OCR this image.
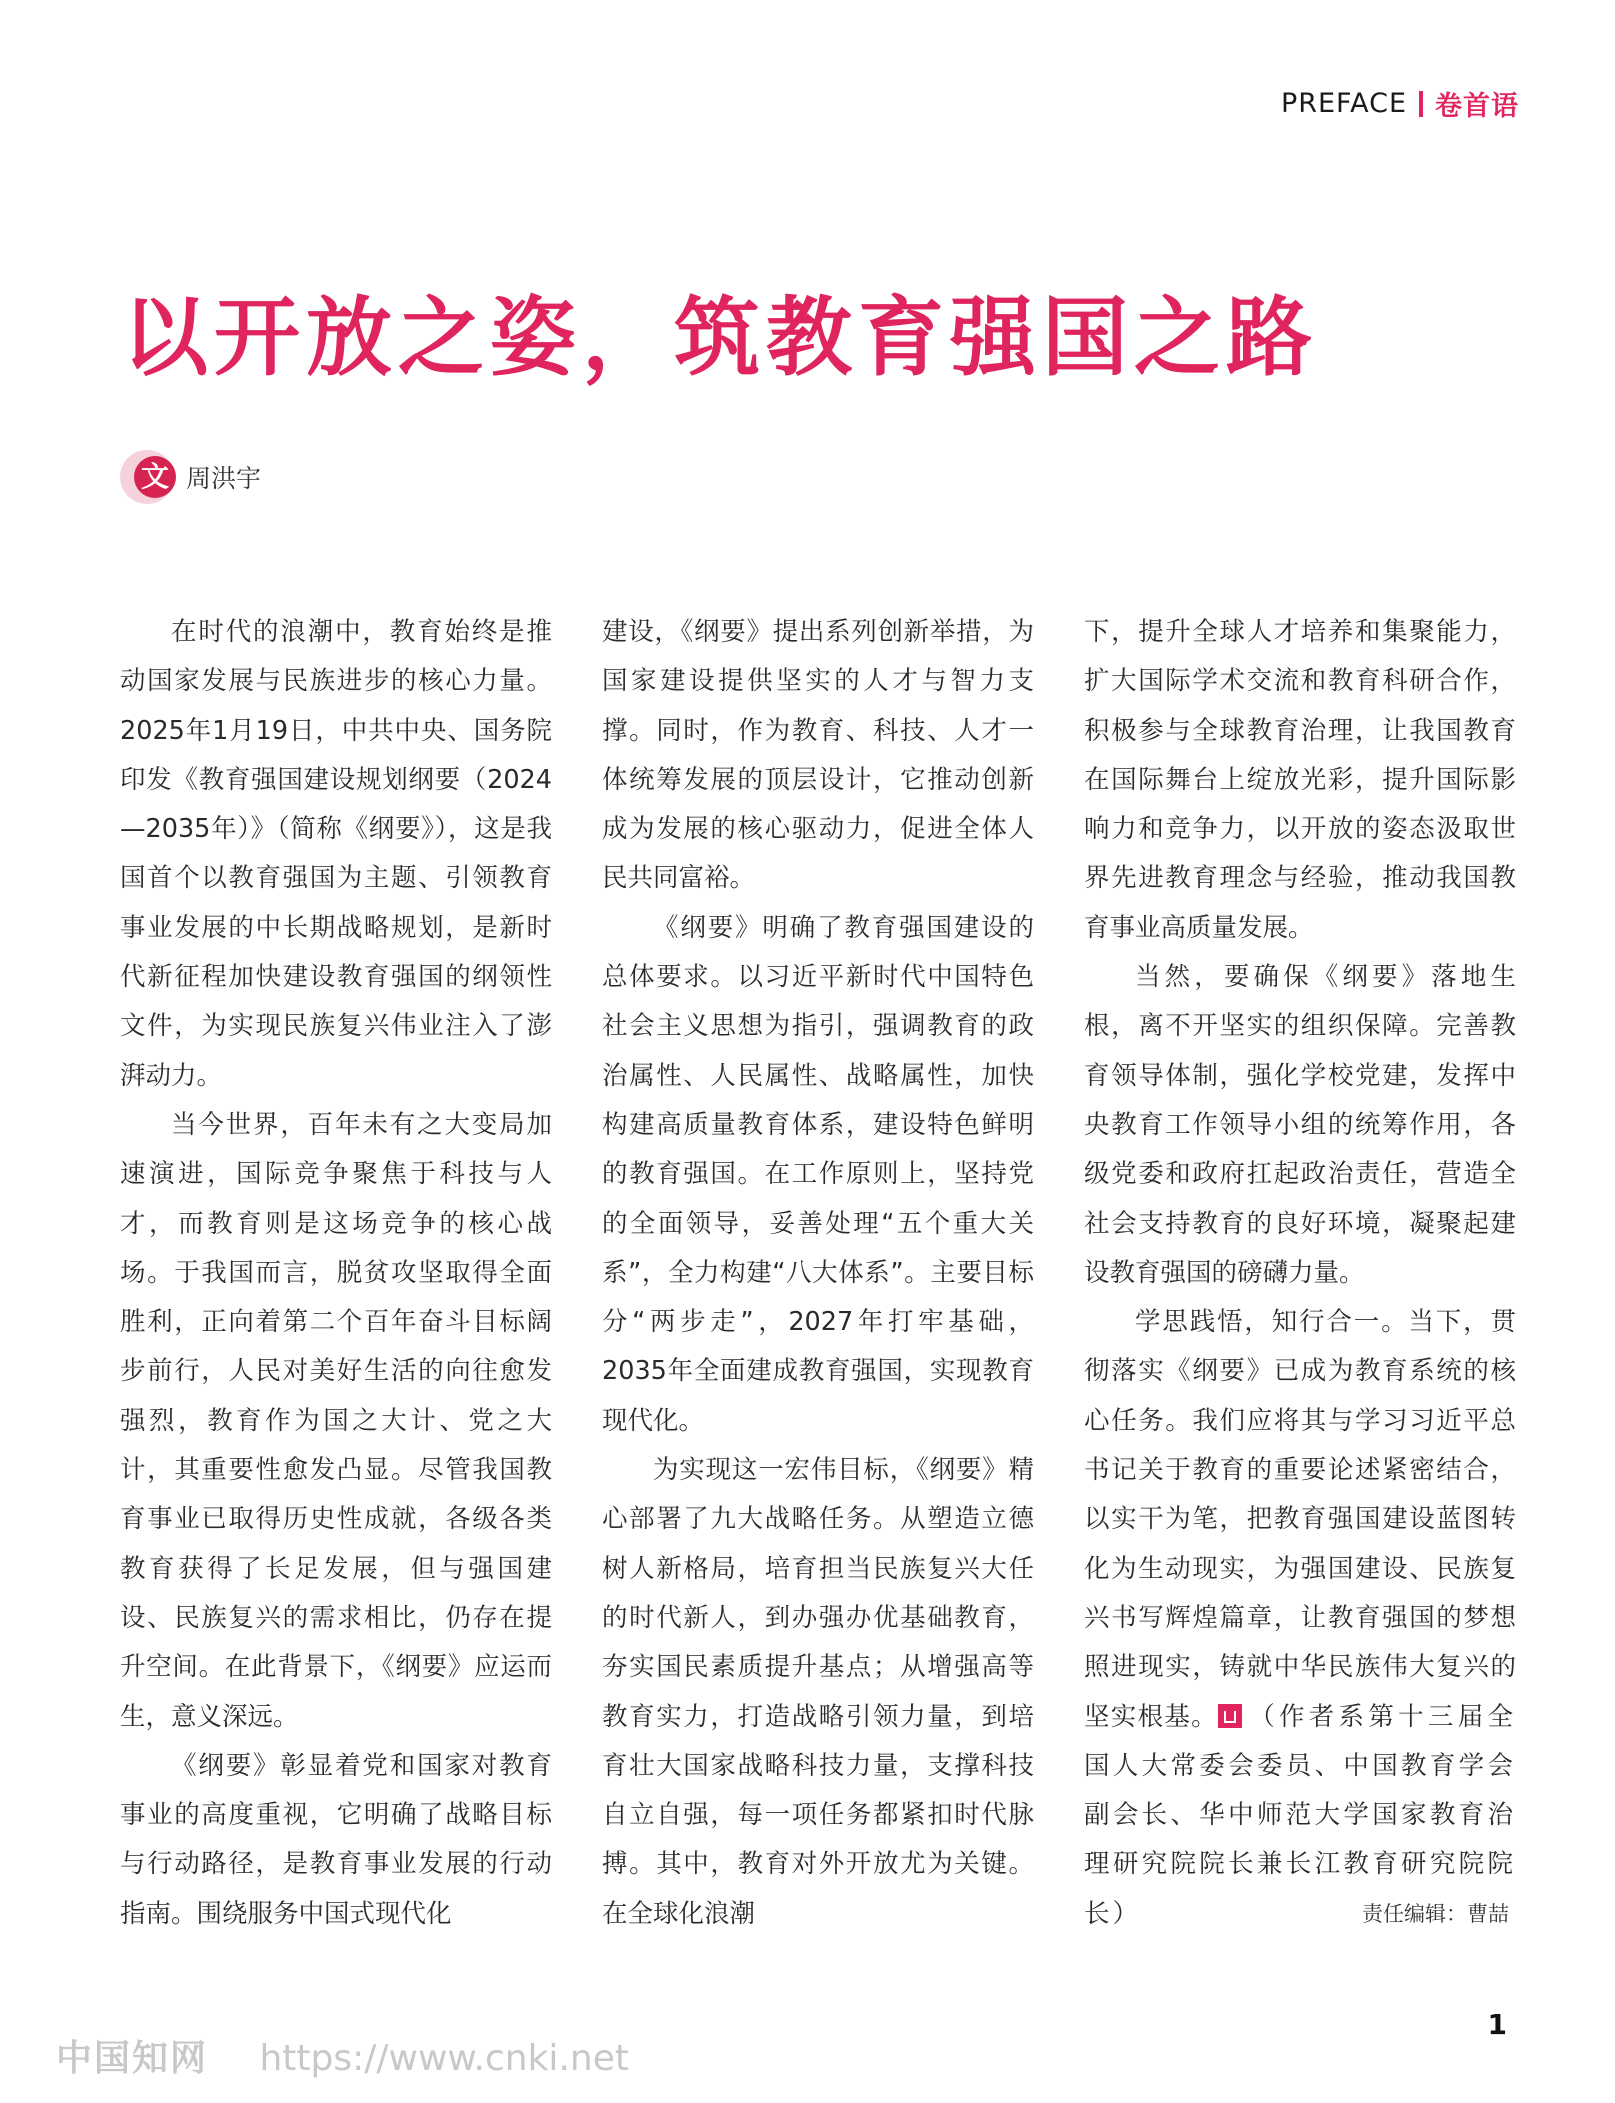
PREFACE 卷首语
以开放之姿，筑教育强国之路
文 周洪宇

在时代的浪潮中，教育始终是推动国家发展与民族进步的核心力量。2025年1月19日，中共中央、国务院印发《教育强国建设规划纲要（2024—2035年）》（简称《纲要》），这是我国首个以教育强国为主题、引领教育事业发展的中长期战略规划，是新时代新征程加快建设教育强国的纲领性文件，为实现民族复兴伟业注入了澎湃动力。

当今世界，百年未有之大变局加速演进，国际竞争聚焦于科技与人才，而教育则是这场竞争的核心战场。于我国而言，脱贫攻坚取得全面胜利，正向着第二个百年奋斗目标阔步前行，人民对美好生活的向往愈发强烈，教育作为国之大计、党之大计，其重要性愈发凸显。尽管我国教育事业已取得历史性成就，各级各类教育获得了长足发展，但与强国建设、民族复兴的需求相比，仍存在提升空间。在此背景下，《纲要》应运而生，意义深远。

《纲要》彰显着党和国家对教育事业的高度重视，它明确了战略目标与行动路径，是教育事业发展的行动指南。围绕服务中国式现代化

建设，《纲要》提出系列创新举措，为国家建设提供坚实的人才与智力支撑。同时，作为教育、科技、人才一体统筹发展的顶层设计，它推动创新成为发展的核心驱动力，促进全体人民共同富裕。

《纲要》明确了教育强国建设的总体要求。以习近平新时代中国特色社会主义思想为指引，强调教育的政治属性、人民属性、战略属性，加快构建高质量教育体系，建设特色鲜明的教育强国。在工作原则上，坚持党的全面领导，妥善处理“五个重大关系”，全力构建“八大体系”。主要目标分“两步走”，2027年打牢基础，2035年全面建成教育强国，实现教育现代化。

为实现这一宏伟目标，《纲要》精心部署了九大战略任务。从塑造立德树人新格局，培育担当民族复兴大任的时代新人，到办强办优基础教育，夯实国民素质提升基点；从增强高等教育实力，打造战略引领力量，到培育壮大国家战略科技力量，支撑科技自立自强，每一项任务都紧扣时代脉搏。其中，教育对外开放尤为关键。在全球化浪潮

下，提升全球人才培养和集聚能力，扩大国际学术交流和教育科研合作，积极参与全球教育治理，让我国教育在国际舞台上绽放光彩，提升国际影响力和竞争力，以开放的姿态汲取世界先进教育理念与经验，推动我国教育事业高质量发展。

当然，要确保《纲要》落地生根，离不开坚实的组织保障。完善教育领导体制，强化学校党建，发挥中央教育工作领导小组的统筹作用，各级党委和政府扛起政治责任，营造全社会支持教育的良好环境，凝聚起建设教育强国的磅礴力量。

学思践悟，知行合一。当下，贯彻落实《纲要》已成为教育系统的核心任务。我们应将其与学习习近平总书记关于教育的重要论述紧密结合，以实干为笔，把教育强国建设蓝图转化为生动现实，为强国建设、民族复兴书写辉煌篇章，让教育强国的梦想照进现实，铸就中华民族伟大复兴的坚实根基。 （作者系第十三届全国人大常委会委员、中国教育学会副会长、华中师范大学国家教育治理研究院院长兼长江教育研究院院长）	责任编辑：曹喆
1
中国知网 https://www.cnki.net
